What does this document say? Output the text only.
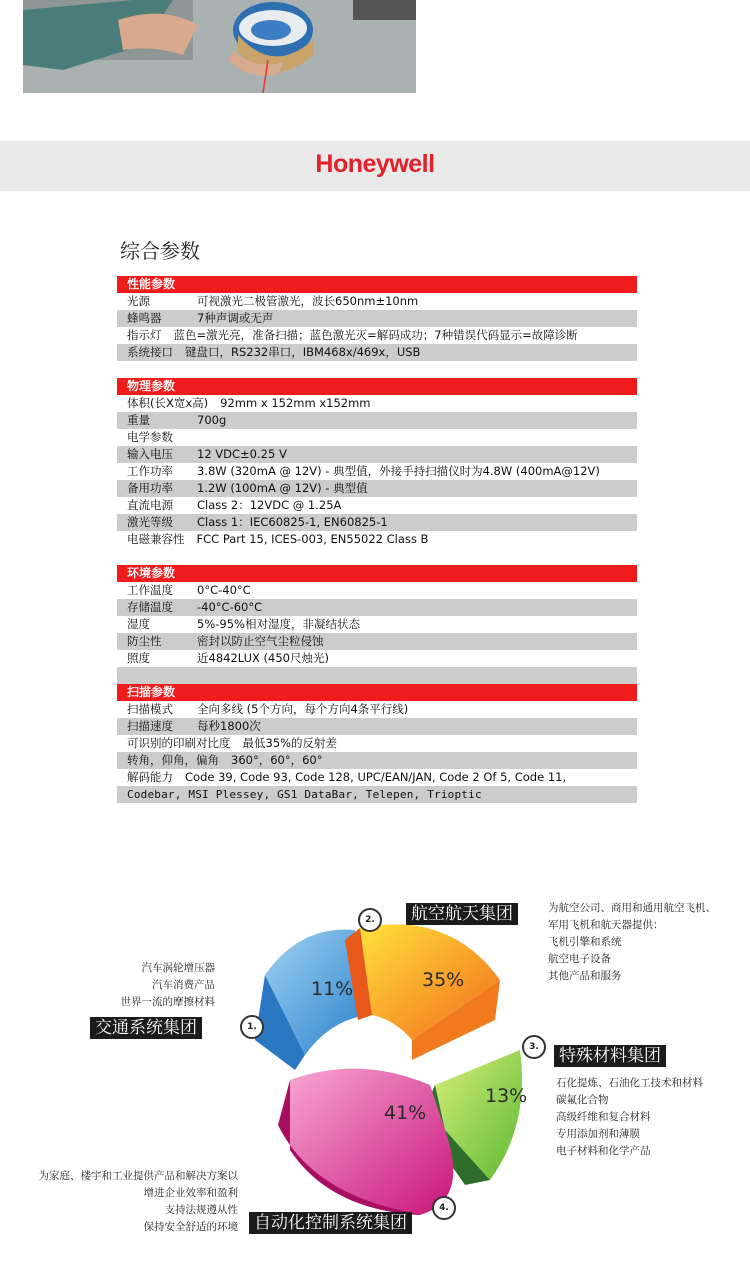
Honeywell
综合参数
性能参数
光源	可视激光二极管激光，波长650nm±10nm
蜂鸣器	7种声调或无声
指示灯 蓝色=激光亮，准备扫描；蓝色激光灭=解码成功；7种错误代码显示=故障诊断
系统接口 键盘口，RS232串口，IBM468x/469x，USB
物理参数
体积(长X宽x高) 92mm x 152mm x152mm
重量	700g
电学参数
输入电压 12 VDC±0.25 V
工作功率 3.8W (320mA @ 12V) - 典型值，外接手持扫描仪时为4.8W (400mA@12V)
备用功率 1.2W (100mA @ 12V) - 典型值
直流电源 Class 2：12VDC @ 1.25A
激光等级 Class 1：IEC60825-1, EN60825-1
电磁兼容性 FCC Part 15, ICES-003, EN55022 Class B
环境参数
工作温度 0°C-40°C
存储温度 -40°C-60°C
湿度	5%-95%相对湿度，非凝结状态
防尘性	密封以防止空气尘粒侵蚀
照度	近4842LUX (450尺烛光)
扫描参数
扫描模式 全向多线 (5个方向，每个方向4条平行线)
扫描速度 每秒1800次
可识别的印刷对比度 最低35%的反射差
转角，仰角，偏角 360°，60°，60°
解码能力 Code 39, Code 93, Code 128, UPC/EAN/JAN, Code 2 Of 5, Code 11,
Codebar, MSI Plessey, GS1 DataBar, Telepen, Trioptic
11%	35%
13%
41%
1.
2.
3.
4.
交通系统集团
航空航天集团
特殊材料集团
自动化控制系统集团
汽车涡轮增压器
汽车消费产品
世界一流的摩擦材料
为航空公司、商用和通用航空飞机、
军用飞机和航天器提供：
飞机引擎和系统
航空电子设备
其他产品和服务
石化提炼、石油化工技术和材料
碳氟化合物
高级纤维和复合材料
专用添加剂和薄膜
电子材料和化学产品
为家庭、楼宇和工业提供产品和解决方案以
增进企业效率和盈利
支持法规遵从性
保持安全舒适的环境
